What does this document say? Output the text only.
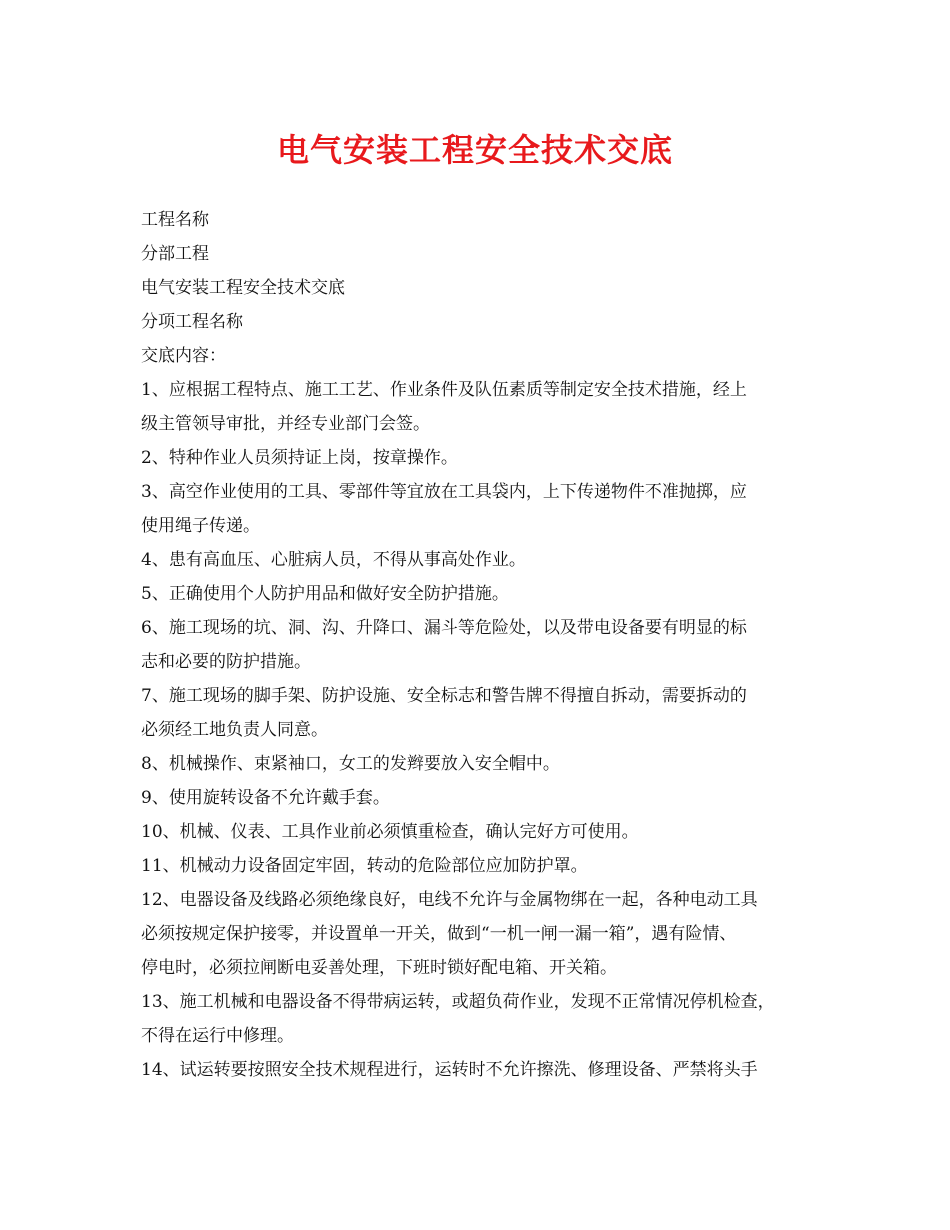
电气安装工程安全技术交底
工程名称
分部工程
电气安装工程安全技术交底
分项工程名称
交底内容：
1、应根据工程特点、施工工艺、作业条件及队伍素质等制定安全技术措施，经上
级主管领导审批，并经专业部门会签。
2、特种作业人员须持证上岗，按章操作。
3、高空作业使用的工具、零部件等宜放在工具袋内，上下传递物件不准抛掷，应
使用绳子传递。
4、患有高血压、心脏病人员，不得从事高处作业。
5、正确使用个人防护用品和做好安全防护措施。
6、施工现场的坑、洞、沟、升降口、漏斗等危险处，以及带电设备要有明显的标
志和必要的防护措施。
7、施工现场的脚手架、防护设施、安全标志和警告牌不得擅自拆动，需要拆动的
必须经工地负责人同意。
8、机械操作、束紧袖口，女工的发辫要放入安全帽中。
9、使用旋转设备不允许戴手套。
10、机械、仪表、工具作业前必须慎重检查，确认完好方可使用。
11、机械动力设备固定牢固，转动的危险部位应加防护罩。
12、电器设备及线路必须绝缘良好，电线不允许与金属物绑在一起，各种电动工具
必须按规定保护接零，并设置单一开关，做到“一机一闸一漏一箱”，遇有险情、
停电时，必须拉闸断电妥善处理，下班时锁好配电箱、开关箱。
13、施工机械和电器设备不得带病运转，或超负荷作业，发现不正常情况停机检查，
不得在运行中修理。
14、试运转要按照安全技术规程进行，运转时不允许擦洗、修理设备、严禁将头手
